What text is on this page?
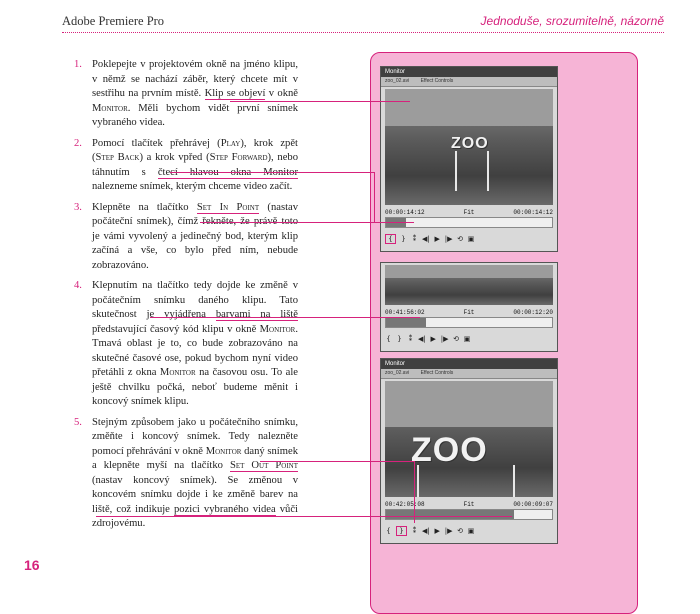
Adobe Premiere Pro	Jednoduše, srozumitelně, názorně
1. Poklepejte v projektovém okně na jméno klipu, v němž se nachází záběr, který chcete mít v sestřihu na prvním místě. Klip se objeví v okně Monitor. Měli bychom vidět první snímek vybraného videa.
2. Pomocí tlačítek přehrávej (Play), krok zpět (Step Back) a krok vpřed (Step Forward), nebo táhnutím s čtecí hlavou okna Monitor nalezneme snímek, kterým chceme video začít.
3. Klepněte na tlačítko Set In Point (nastav počáteční snímek), čímž řekněte, že právě toto je vámi vyvolený a jedinečný bod, kterým klip začíná a vše, co bylo před ním, nebude zobrazováno.
4. Klepnutím na tlačítko tedy dojde ke změně v počátečním snímku daného klipu. Tato skutečnost je vyjádřena barvami na liště představující časový kód klipu v okně Monitor. Tmavá oblast je to, co bude zobrazováno na skutečné časové ose, pokud bychom nyní video přetáhli z okna Monitor na časovou osu. To ale ještě chvilku počká, neboť budeme měnit i koncový snímek klipu.
5. Stejným způsobem jako u počátečního snímku, změňte i koncový snímek. Tedy nalezněte pomocí přehrávání v okně Monitor daný snímek a klepněte myší na tlačítko Set Out Point (nastav koncový snímek). Se změnou v koncovém snímku dojde i ke změně barev na liště, což indikuje pozici vybraného videa vůči zdrojovému.
16
Monitor
zoo_02.avi Effect Controls
ZOO
00:00:14:12	Fit	00:00:14:12
{	} ⁑ ◀| ▶ |▶ ⟲ ▣
00:41:56:02	Fit	00:00:12:20
{ } ⁑ ◀| ▶ |▶ ⟲ ▣
Monitor
zoo_02.avi Effect Controls
ZOO
00:42:05:08	Fit	00:00:09:07
{	}	⁑ ◀| ▶ |▶ ⟲ ▣
